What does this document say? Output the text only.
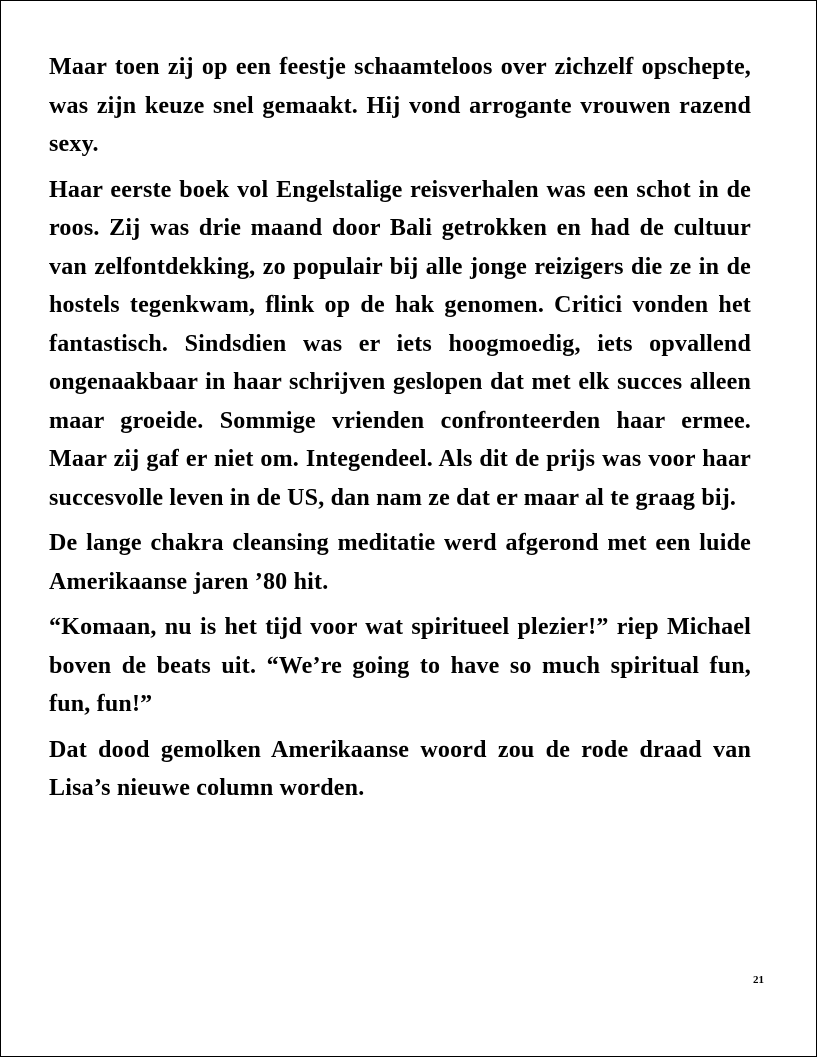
Maar toen zij op een feestje schaamteloos over zichzelf opschepte, was zijn keuze snel gemaakt. Hij vond arrogante vrouwen razend sexy.

Haar eerste boek vol Engelstalige reisverhalen was een schot in de roos. Zij was drie maand door Bali getrokken en had de cultuur van zelfontdekking, zo populair bij alle jonge reizigers die ze in de hostels tegenkwam, flink op de hak genomen. Critici vonden het fantastisch. Sindsdien was er iets hoogmoedig, iets opvallend ongenaakbaar in haar schrijven geslopen dat met elk succes alleen maar groeide. Sommige vrienden confronteerden haar ermee. Maar zij gaf er niet om. Integendeel. Als dit de prijs was voor haar succesvolle leven in de US, dan nam ze dat er maar al te graag bij.

De lange chakra cleansing meditatie werd afgerond met een luide Amerikaanse jaren ’80 hit.

“Komaan, nu is het tijd voor wat spiritueel plezier!” riep Michael boven de beats uit. “We’re going to have so much spiritual fun, fun, fun!”

Dat dood gemolken Amerikaanse woord zou de rode draad van Lisa’s nieuwe column worden.

21
